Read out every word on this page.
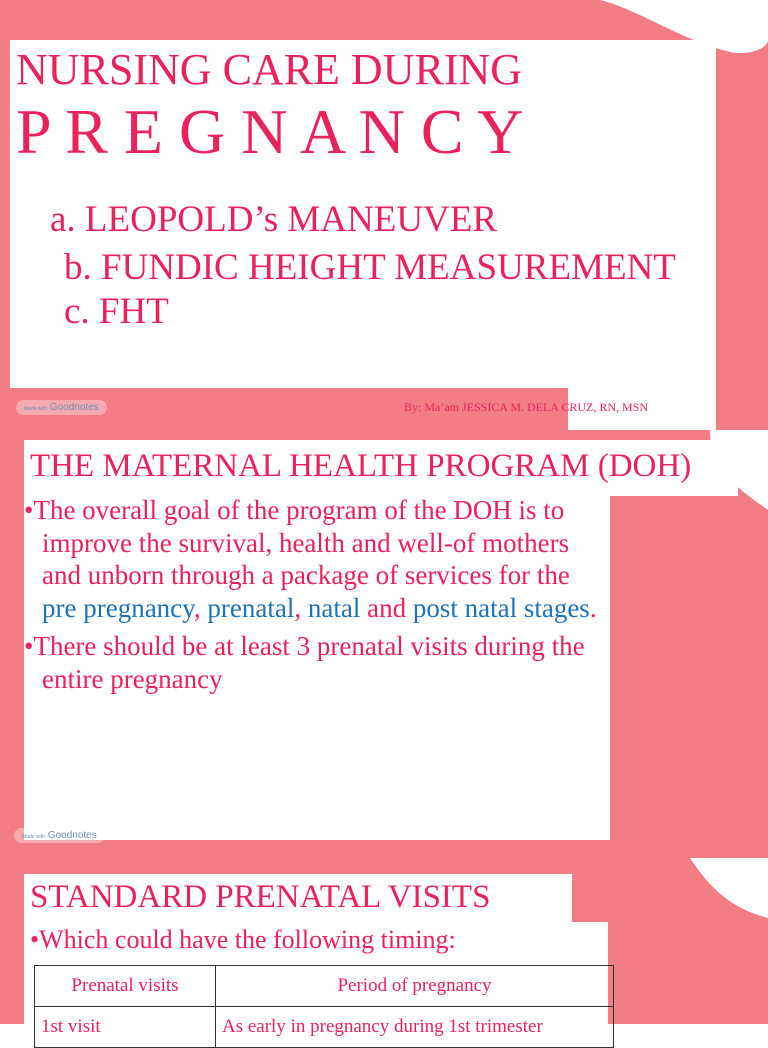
NURSING CARE DURING
P R E G N A N C Y
a. LEOPOLD’s MANEUVER
b. FUNDIC HEIGHT MEASUREMENT
c. FHT
Made with Goodnotes	By: Ma’am JESSICA M. DELA CRUZ, RN, MSN
THE MATERNAL HEALTH PROGRAM (DOH)

•The overall goal of the program of the DOH is to improve the survival, health and well-of mothers and unborn through a package of services for the pre pregnancy, prenatal, natal and post natal stages.

•There should be at least 3 prenatal visits during the entire pregnancy

Made with Goodnotes
STANDARD PRENATAL VISITS
•Which could have the following timing:
Prenatal visits	Period of pregnancy
1st visit	As early in pregnancy during 1st trimester
